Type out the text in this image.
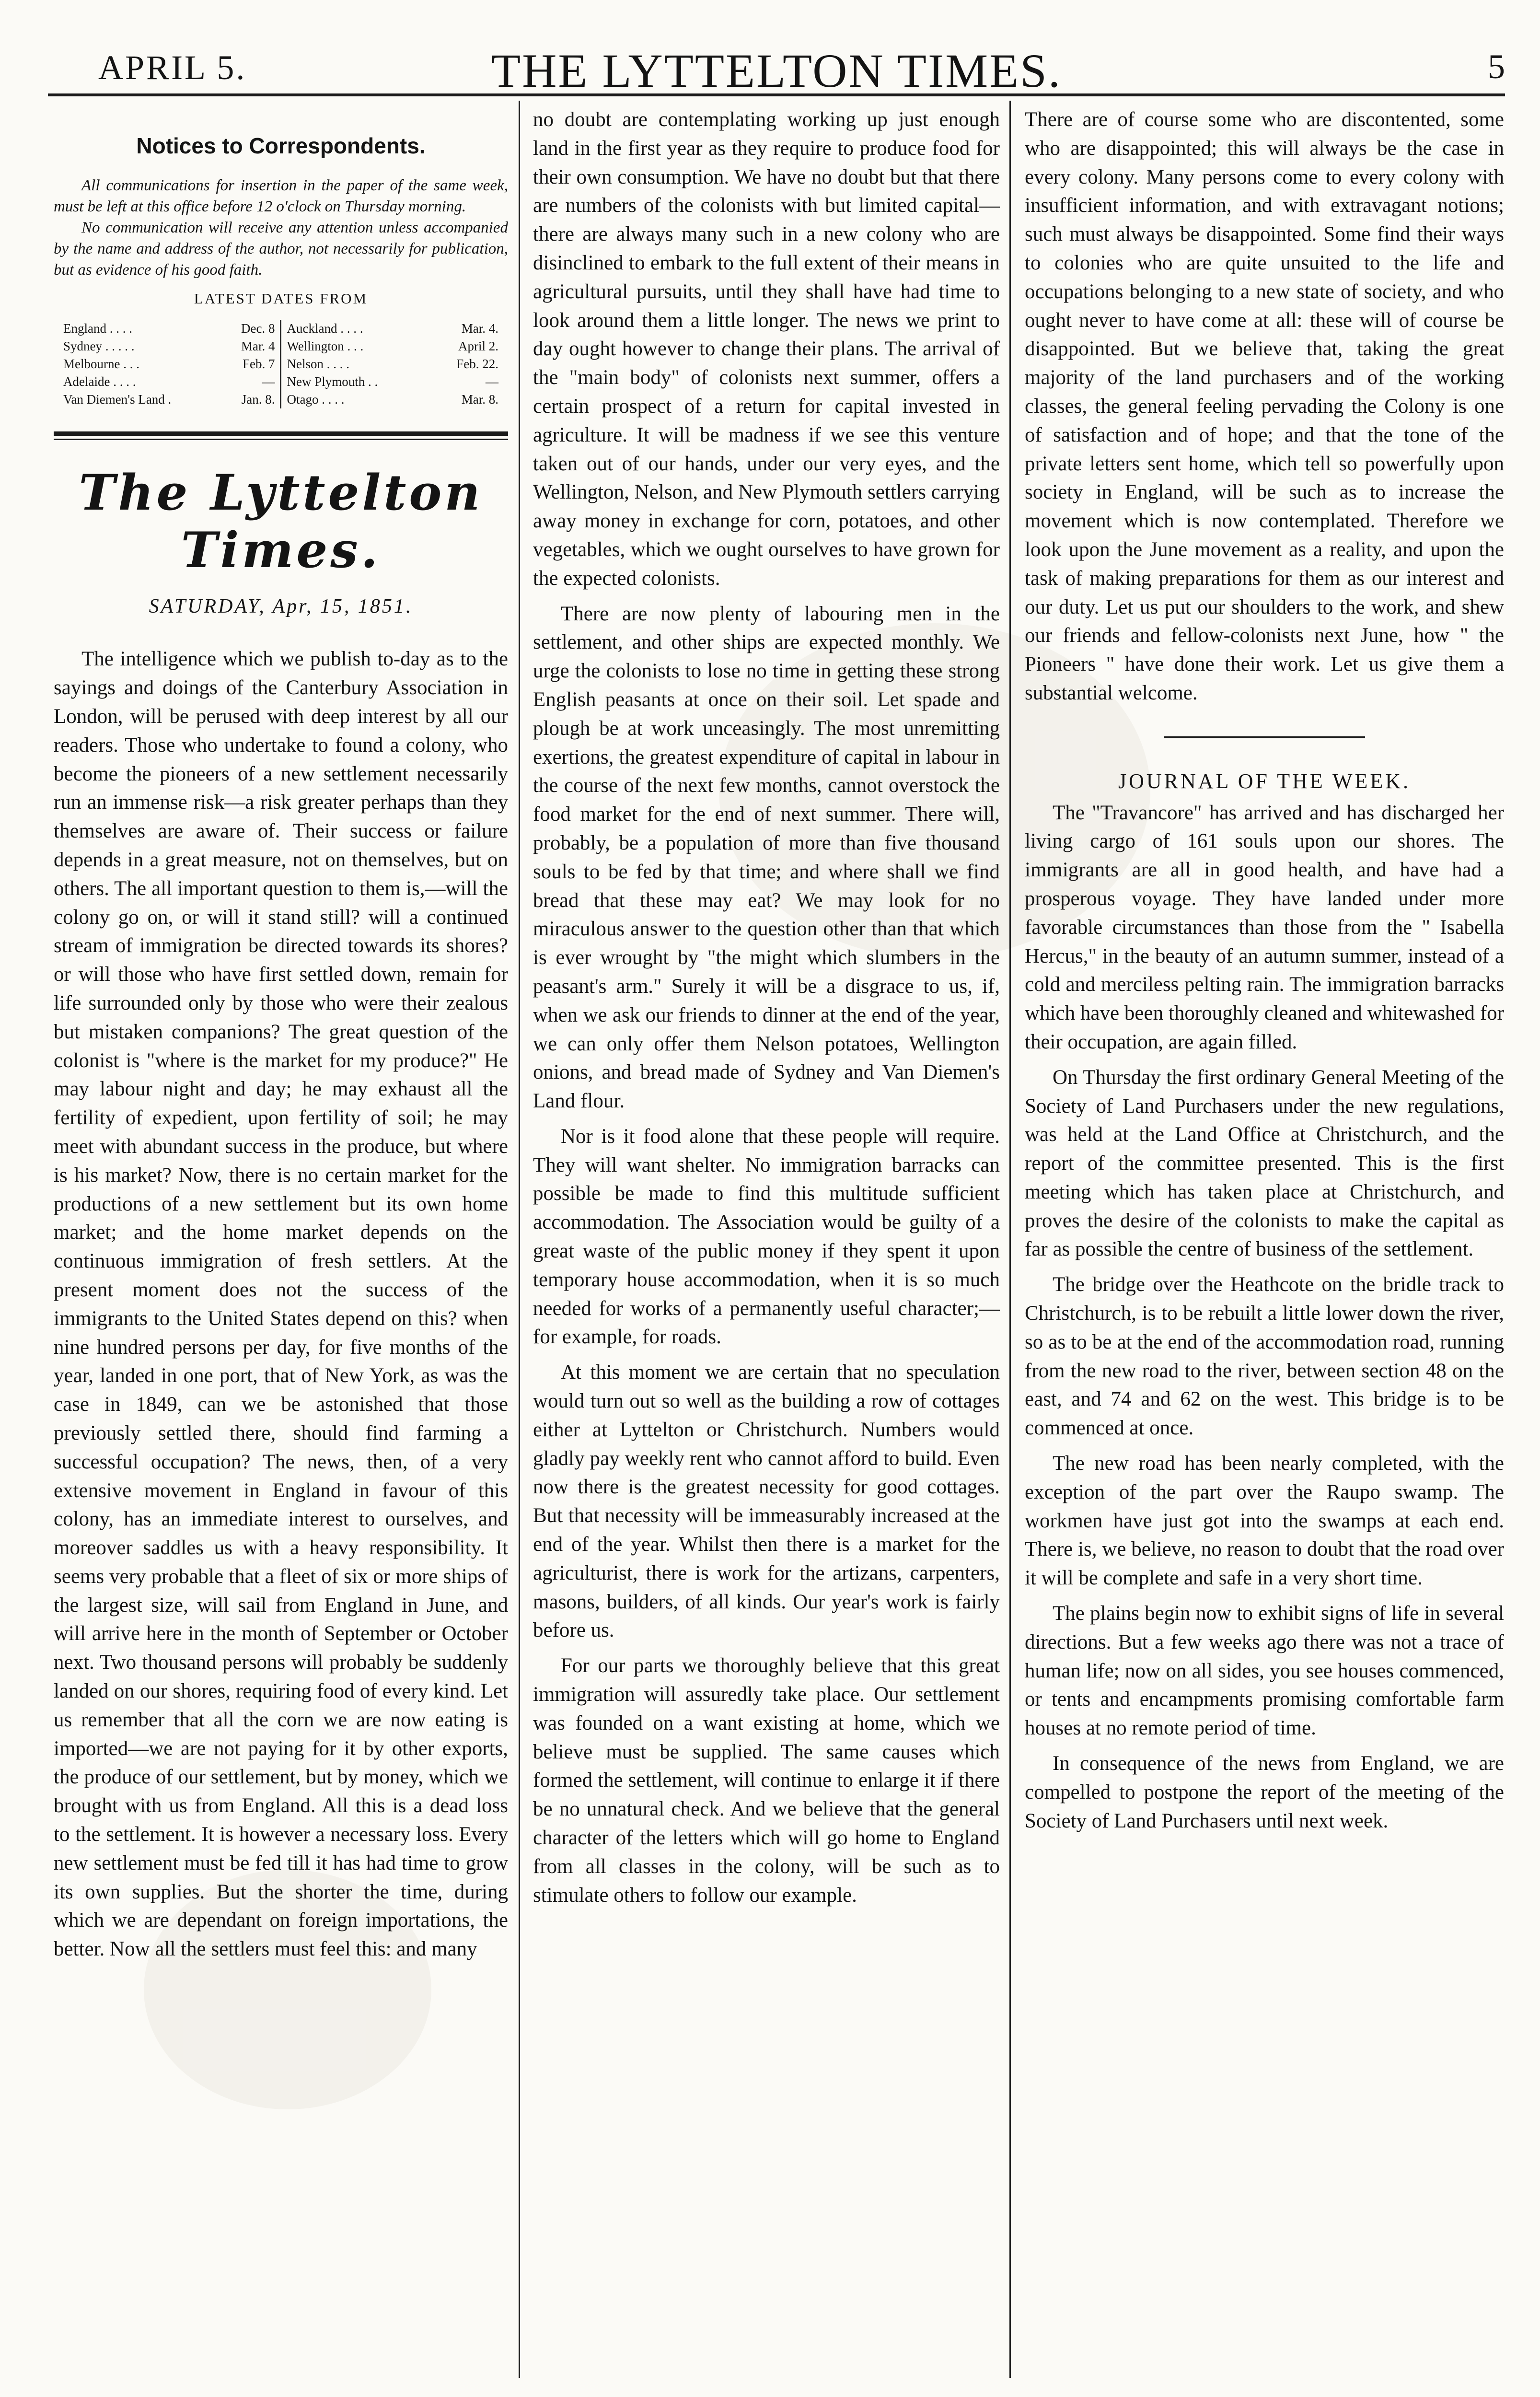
APRIL 5.	THE LYTTELTON TIMES.	5
Notices to Correspondents.

All communications for insertion in the paper of the same week, must be left at this office before 12 o'clock on Thursday morning.

No communication will receive any attention unless accompanied by the name and address of the author, not necessarily for publication, but as evidence of his good faith.

LATEST DATES FROM
England . . . .	Dec. 8
Sydney . . . . .	Mar. 4
Melbourne . . .	Feb. 7
Adelaide . . . .	—
Van Diemen's Land .	Jan. 8.
Auckland . . . .	Mar. 4.
Wellington . . .	April 2.
Nelson . . . .	Feb. 22.
New Plymouth . .	—
Otago . . . .	Mar. 8.
The Lyttelton Times.
SATURDAY, Apr, 15, 1851.

The intelligence which we publish to-day as to the sayings and doings of the Canterbury Association in London, will be perused with deep interest by all our readers. Those who undertake to found a colony, who become the pioneers of a new settlement necessarily run an immense risk—a risk greater perhaps than they themselves are aware of. Their success or failure depends in a great measure, not on themselves, but on others. The all important question to them is,—will the colony go on, or will it stand still? will a continued stream of immigration be directed towards its shores? or will those who have first settled down, remain for life surrounded only by those who were their zealous but mistaken companions? The great question of the colonist is "where is the market for my produce?" He may labour night and day; he may exhaust all the fertility of expedient, upon fertility of soil; he may meet with abundant success in the produce, but where is his market? Now, there is no certain market for the productions of a new settlement but its own home market; and the home market depends on the continuous immigration of fresh settlers. At the present moment does not the success of the immigrants to the United States depend on this? when nine hundred persons per day, for five months of the year, landed in one port, that of New York, as was the case in 1849, can we be astonished that those previously settled there, should find farming a successful occupation? The news, then, of a very extensive movement in England in favour of this colony, has an immediate interest to ourselves, and moreover saddles us with a heavy responsibility. It seems very probable that a fleet of six or more ships of the largest size, will sail from England in June, and will arrive here in the month of September or October next. Two thousand persons will probably be suddenly landed on our shores, requiring food of every kind. Let us remember that all the corn we are now eating is imported—we are not paying for it by other exports, the produce of our settlement, but by money, which we brought with us from England. All this is a dead loss to the settlement. It is however a necessary loss. Every new settlement must be fed till it has had time to grow its own supplies. But the shorter the time, during which we are dependant on foreign importations, the better. Now all the settlers must feel this: and many

no doubt are contemplating working up just enough land in the first year as they require to produce food for their own consumption. We have no doubt but that there are numbers of the colonists with but limited capital—there are always many such in a new colony who are disinclined to embark to the full extent of their means in agricultural pursuits, until they shall have had time to look around them a little longer. The news we print to day ought however to change their plans. The arrival of the "main body" of colonists next summer, offers a certain prospect of a return for capital invested in agriculture. It will be madness if we see this venture taken out of our hands, under our very eyes, and the Wellington, Nelson, and New Plymouth settlers carrying away money in exchange for corn, potatoes, and other vegetables, which we ought ourselves to have grown for the expected colonists.

There are now plenty of labouring men in the settlement, and other ships are expected monthly. We urge the colonists to lose no time in getting these strong English peasants at once on their soil. Let spade and plough be at work unceasingly. The most unremitting exertions, the greatest expenditure of capital in labour in the course of the next few months, cannot overstock the food market for the end of next summer. There will, probably, be a population of more than five thousand souls to be fed by that time; and where shall we find bread that these may eat? We may look for no miraculous answer to the question other than that which is ever wrought by "the might which slumbers in the peasant's arm." Surely it will be a disgrace to us, if, when we ask our friends to dinner at the end of the year, we can only offer them Nelson potatoes, Wellington onions, and bread made of Sydney and Van Diemen's Land flour.

Nor is it food alone that these people will require. They will want shelter. No immigration barracks can possible be made to find this multitude sufficient accommodation. The Association would be guilty of a great waste of the public money if they spent it upon temporary house accommodation, when it is so much needed for works of a permanently useful character;—for example, for roads.

At this moment we are certain that no speculation would turn out so well as the building a row of cottages either at Lyttelton or Christchurch. Numbers would gladly pay weekly rent who cannot afford to build. Even now there is the greatest necessity for good cottages. But that necessity will be immeasurably increased at the end of the year. Whilst then there is a market for the agriculturist, there is work for the artizans, carpenters, masons, builders, of all kinds. Our year's work is fairly before us.

For our parts we thoroughly believe that this great immigration will assuredly take place. Our settlement was founded on a want existing at home, which we believe must be supplied. The same causes which formed the settlement, will continue to enlarge it if there be no unnatural check. And we believe that the general character of the letters which will go home to England from all classes in the colony, will be such as to stimulate others to follow our example.

There are of course some who are discontented, some who are disappointed; this will always be the case in every colony. Many persons come to every colony with insufficient information, and with extravagant notions; such must always be disappointed. Some find their ways to colonies who are quite unsuited to the life and occupations belonging to a new state of society, and who ought never to have come at all: these will of course be disappointed. But we believe that, taking the great majority of the land purchasers and of the working classes, the general feeling pervading the Colony is one of satisfaction and of hope; and that the tone of the private letters sent home, which tell so powerfully upon society in England, will be such as to increase the movement which is now contemplated. Therefore we look upon the June movement as a reality, and upon the task of making preparations for them as our interest and our duty. Let us put our shoulders to the work, and shew our friends and fellow-colonists next June, how " the Pioneers " have done their work. Let us give them a substantial welcome.

JOURNAL OF THE WEEK.

The "Travancore" has arrived and has discharged her living cargo of 161 souls upon our shores. The immigrants are all in good health, and have had a prosperous voyage. They have landed under more favorable circumstances than those from the " Isabella Hercus," in the beauty of an autumn summer, instead of a cold and merciless pelting rain. The immigration barracks which have been thoroughly cleaned and whitewashed for their occupation, are again filled.

On Thursday the first ordinary General Meeting of the Society of Land Purchasers under the new regulations, was held at the Land Office at Christchurch, and the report of the committee presented. This is the first meeting which has taken place at Christchurch, and proves the desire of the colonists to make the capital as far as possible the centre of business of the settlement.

The bridge over the Heathcote on the bridle track to Christchurch, is to be rebuilt a little lower down the river, so as to be at the end of the accommodation road, running from the new road to the river, between section 48 on the east, and 74 and 62 on the west. This bridge is to be commenced at once.

The new road has been nearly completed, with the exception of the part over the Raupo swamp. The workmen have just got into the swamps at each end. There is, we believe, no reason to doubt that the road over it will be complete and safe in a very short time.

The plains begin now to exhibit signs of life in several directions. But a few weeks ago there was not a trace of human life; now on all sides, you see houses commenced, or tents and encampments promising comfortable farm houses at no remote period of time.

In consequence of the news from England, we are compelled to postpone the report of the meeting of the Society of Land Purchasers until next week.
